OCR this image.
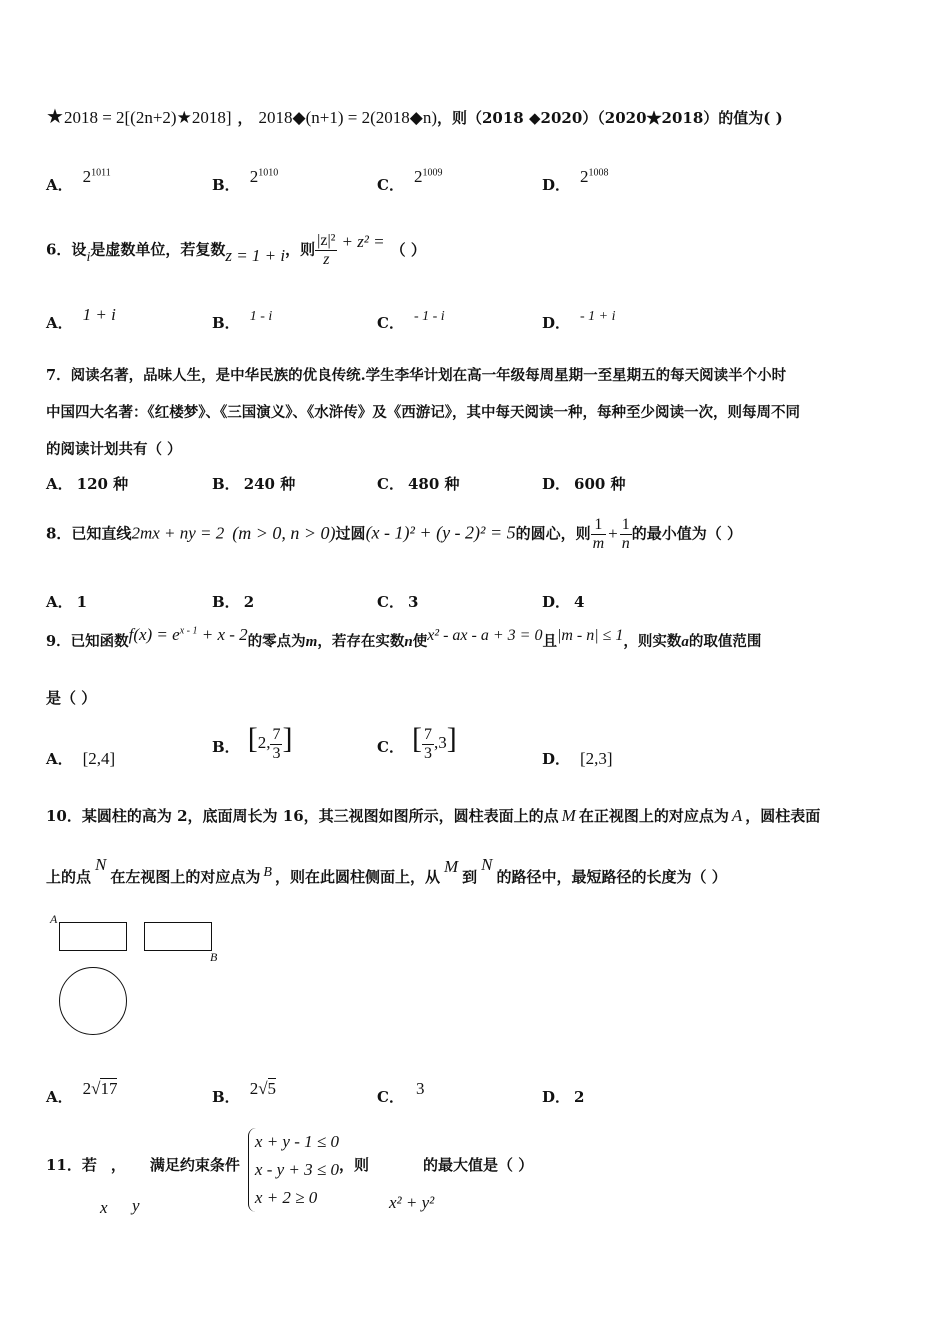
★2018 = 2[(2n+2)★2018] ， 2018◆(n+1) = 2(2018◆n)，则（2018 ◆2020）（2020★2018）的值为( )
A． $2^{1011}$
B． $2^{1010}$
C． $2^{1009}$
D． $2^{1008}$
6．设i是虚数单位，若复数z = 1 + i，则 $\frac{\text{|z|²}}{z} + z^2$ = （ ）
A． 1 + i	B． 1 - i	C． - 1 - i	D． - 1 + i
7．阅读名著，品味人生，是中华民族的优良传统.学生李华计划在高一年级每周星期一至星期五的每天阅读半个小时
中国四大名著：《红楼梦》、《三国演义》、《水浒传》及《西游记》，其中每天阅读一种，每种至少阅读一次，则每周不同
的阅读计划共有（ ）
A． 120 种	B． 240 种	C． 480 种	D． 600 种
8．已知直线2mx + ny = 2 (m > 0, n > 0)过圆(x - 1)² + (y - 2)² = 5的圆心，则 $\frac{1}{m} + \frac{1}{n}$ 的最小值为（ ）
A． 1	B． 2	C． 3	D． 4
9．已知函数$f(x) = e^{x - 1} + x - 2$的零点为m，若存在实数n使x² - ax - a + 3 = 0且|m - n| ≤ 1，则实数a的取值范围
是（ ）
A． [2,4]
B． [2, $\frac{7}{3}$ ]	C． [ $\frac{7}{3} ,3$]
D． [2,3]
10．某圆柱的高为 2，底面周长为 16，其三视图如图所示，圆柱表面上的点 M 在正视图上的对应点为 A ，圆柱表面
上的点N在左视图上的对应点为 B ，则在此圆柱侧面上，从M到N的路径中，最短路径的长度为（ ）
A
B
A． 2√17	B． 2√5	C． 3	D． 2
11．若 ， 满足约束条件
x + y - 1 ≤ 0
x - y + 3 ≤ 0
x + 2 ≥ 0
，则	的最大值是（ ）
x y	x² + y²
